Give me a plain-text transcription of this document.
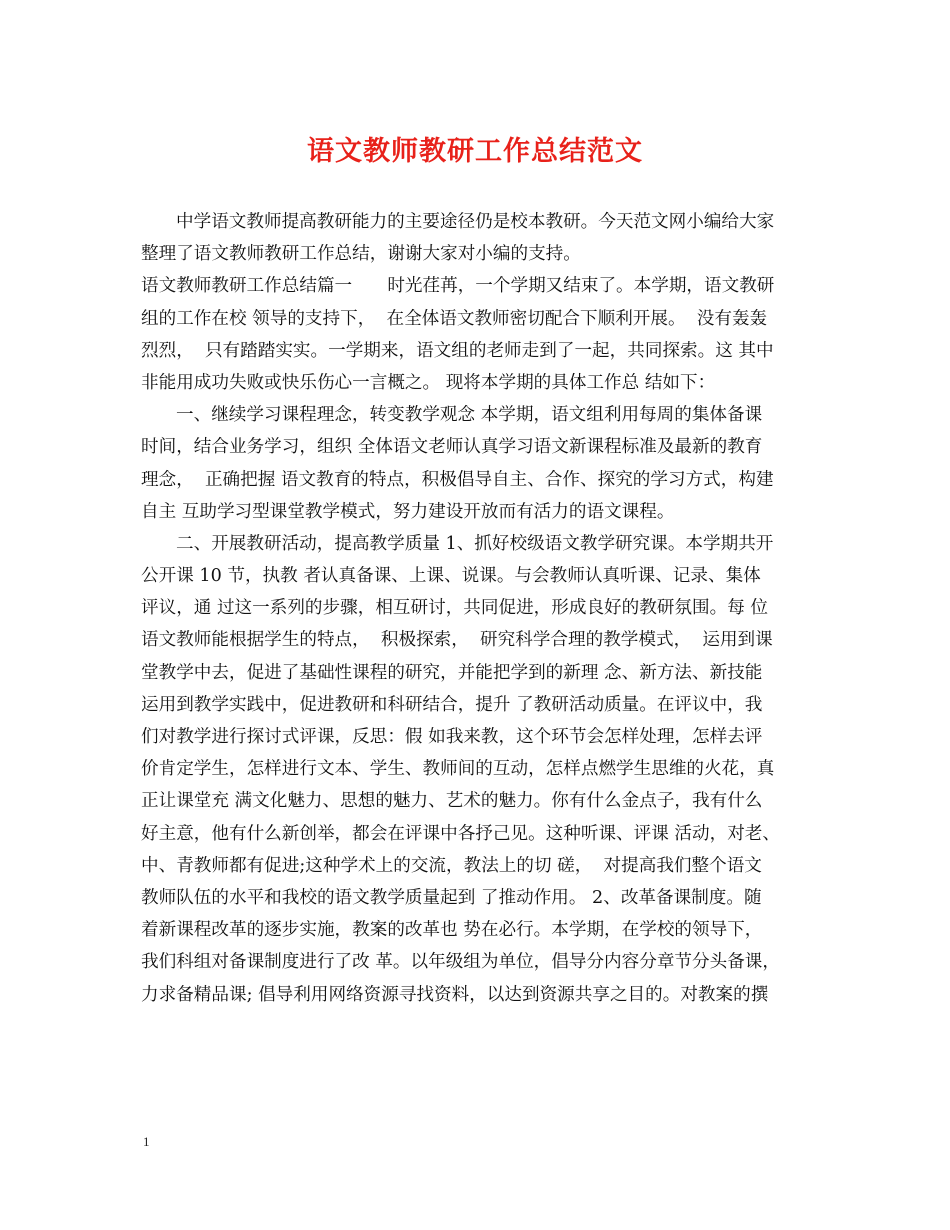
语文教师教研工作总结范文
中学语文教师提高教研能力的主要途径仍是校本教研。今天范文网小编给大家
整理了语文教师教研工作总结，谢谢大家对小编的支持。
语文教师教研工作总结篇一　　时光荏苒，一个学期又结束了。本学期，语文教研
组的工作在校 领导的支持下，  在全体语文教师密切配合下顺利开展。  没有轰轰
烈烈，  只有踏踏实实。一学期来，语文组的老师走到了一起，共同探索。这 其中
非能用成功失败或快乐伤心一言概之。 现将本学期的具体工作总 结如下：
一、继续学习课程理念，转变教学观念 本学期，语文组利用每周的集体备课
时间，结合业务学习，组织 全体语文老师认真学习语文新课程标准及最新的教育
理念，  正确把握 语文教育的特点，积极倡导自主、合作、探究的学习方式，构建
自主 互助学习型课堂教学模式，努力建设开放而有活力的语文课程。
二、开展教研活动，提高教学质量 1、抓好校级语文教学研究课。本学期共开
公开课 10 节，执教 者认真备课、上课、说课。与会教师认真听课、记录、集体
评议，通 过这一系列的步骤，相互研讨，共同促进，形成良好的教研氛围。每 位
语文教师能根据学生的特点，  积极探索，  研究科学合理的教学模式，  运用到课
堂教学中去，促进了基础性课程的研究，并能把学到的新理 念、新方法、新技能
运用到教学实践中，促进教研和科研结合，提升 了教研活动质量。在评议中，我
们对教学进行探讨式评课，反思：假 如我来教，这个环节会怎样处理，怎样去评
价肯定学生，怎样进行文本、学生、教师间的互动，怎样点燃学生思维的火花，真
正让课堂充 满文化魅力、思想的魅力、艺术的魅力。你有什么金点子，我有什么
好主意，他有什么新创举，都会在评课中各抒己见。这种听课、评课 活动，对老、
中、青教师都有促进;这种学术上的交流，教法上的切 磋，  对提高我们整个语文
教师队伍的水平和我校的语文教学质量起到 了推动作用。 2、改革备课制度。随
着新课程改革的逐步实施，教案的改革也 势在必行。本学期，在学校的领导下，
我们科组对备课制度进行了改 革。以年级组为单位，倡导分内容分章节分头备课，
力求备精品课; 倡导利用网络资源寻找资料，以达到资源共享之目的。对教案的撰
1
